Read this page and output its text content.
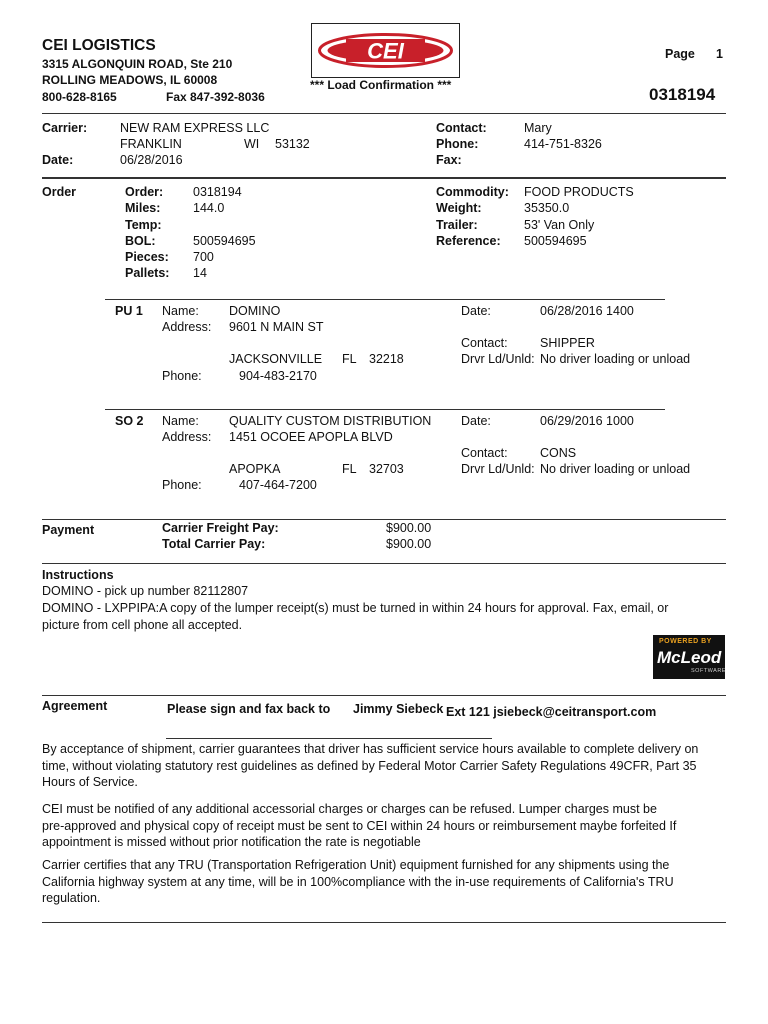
CEI LOGISTICS
3315 ALGONQUIN ROAD, Ste 210
ROLLING MEADOWS, IL 60008
800-628-8165	Fax 847-392-8036
CEI
*** Load Confirmation ***
Page 1
0318194
Carrier:	NEW RAM EXPRESS LLC
FRANKLIN	WI 53132
Date:	06/28/2016
Contact:	Mary
Phone:	414-751-8326
Fax:
Order	Order: 0318194
Miles:	144.0
Temp:
BOL:	500594695
Pieces: 700
Pallets: 14
Commodity: FOOD PRODUCTS
Weight:	35350.0
Trailer:	53' Van Only
Reference: 500594695
PU 1 Name: DOMINO
Address: 9601 N MAIN ST
JACKSONVILLE FL 32218
Phone:	904-483-2170
Date:	06/28/2016 1400
Contact:	SHIPPER
Drvr Ld/Unld: No driver loading or unload
SO 2 Name: QUALITY CUSTOM DISTRIBUTION
Address: 1451 OCOEE APOPLA BLVD
APOPKA	FL 32703
Phone:	407-464-7200
Date:	06/29/2016 1000
Contact:	CONS
Drvr Ld/Unld: No driver loading or unload
Payment	Carrier Freight Pay:	$900.00
Total Carrier Pay:	$900.00
Instructions
DOMINO - pick up number 82112807
DOMINO - LXPPIPA:A copy of the lumper receipt(s) must be turned in within 24 hours for approval. Fax, email, or picture from cell phone all accepted.
POWERED BY
McLeod
SOFTWARE
Agreement	Please sign and fax back to Jimmy Siebeck Ext 121 jsiebeck@ceitransport.com
By acceptance of shipment, carrier guarantees that driver has sufficient service hours available to complete delivery on time, without violating statutory rest guidelines as defined by Federal Motor Carrier Safety Regulations 49CFR, Part 35 Hours of Service.
CEI must be notified of any additional accessorial charges or charges can be refused. Lumper charges must be pre-approved and physical copy of receipt must be sent to CEI within 24 hours or reimbursement maybe forfeited If appointment is missed without prior notification the rate is negotiable
Carrier certifies that any TRU (Transportation Refrigeration Unit) equipment furnished for any shipments using the California highway system at any time, will be in 100%compliance with the in-use requirements of California's TRU regulation.
